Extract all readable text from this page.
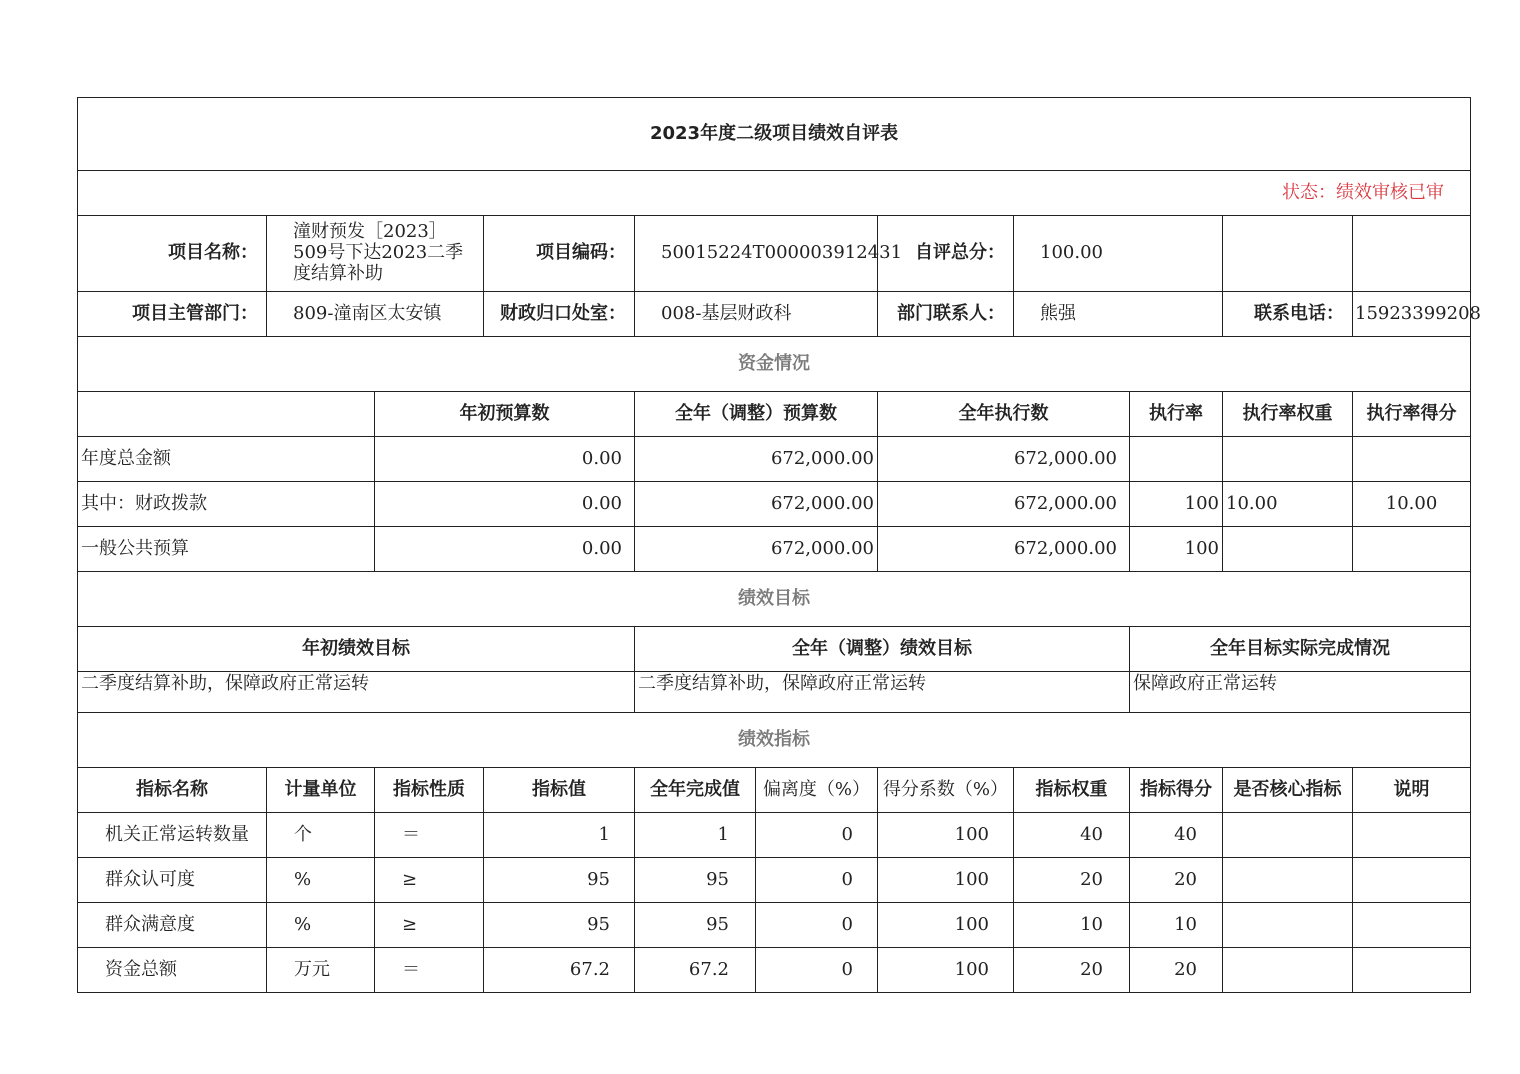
2023年度二级项目绩效自评表										
状态：绩效审核已审										
项目名称：	潼财预发［2023］509号下达2023二季度结算补助		项目编码：	50015224T000003912431		自评总分：	100.00			
项目主管部门：	809-潼南区太安镇		财政归口处室：	008-基层财政科		部门联系人：	熊强		联系电话：	15923399208
资金情况										
		年初预算数		全年（调整）预算数		全年执行数		执行率	执行率权重	执行率得分
年度总金额		0.00		672,000.00		672,000.00				
其中：财政拨款		0.00		672,000.00		672,000.00		100	10.00	10.00
一般公共预算		0.00		672,000.00		672,000.00		100		
绩效目标										
年初绩效目标				全年（调整）绩效目标				全年目标实际完成情况		
二季度结算补助，保障政府正常运转				二季度结算补助，保障政府正常运转				保障政府正常运转		
绩效指标										
指标名称	计量单位	指标性质	指标值	全年完成值	偏离度（%）	得分系数（%）	指标权重	指标得分	是否核心指标	说明
机关正常运转数量	个	＝	1	1	0	100	40	40		
群众认可度	%	≥	95	95	0	100	20	20		
群众满意度	%	≥	95	95	0	100	10	10		
资金总额	万元	＝	67.2	67.2	0	100	20	20		
